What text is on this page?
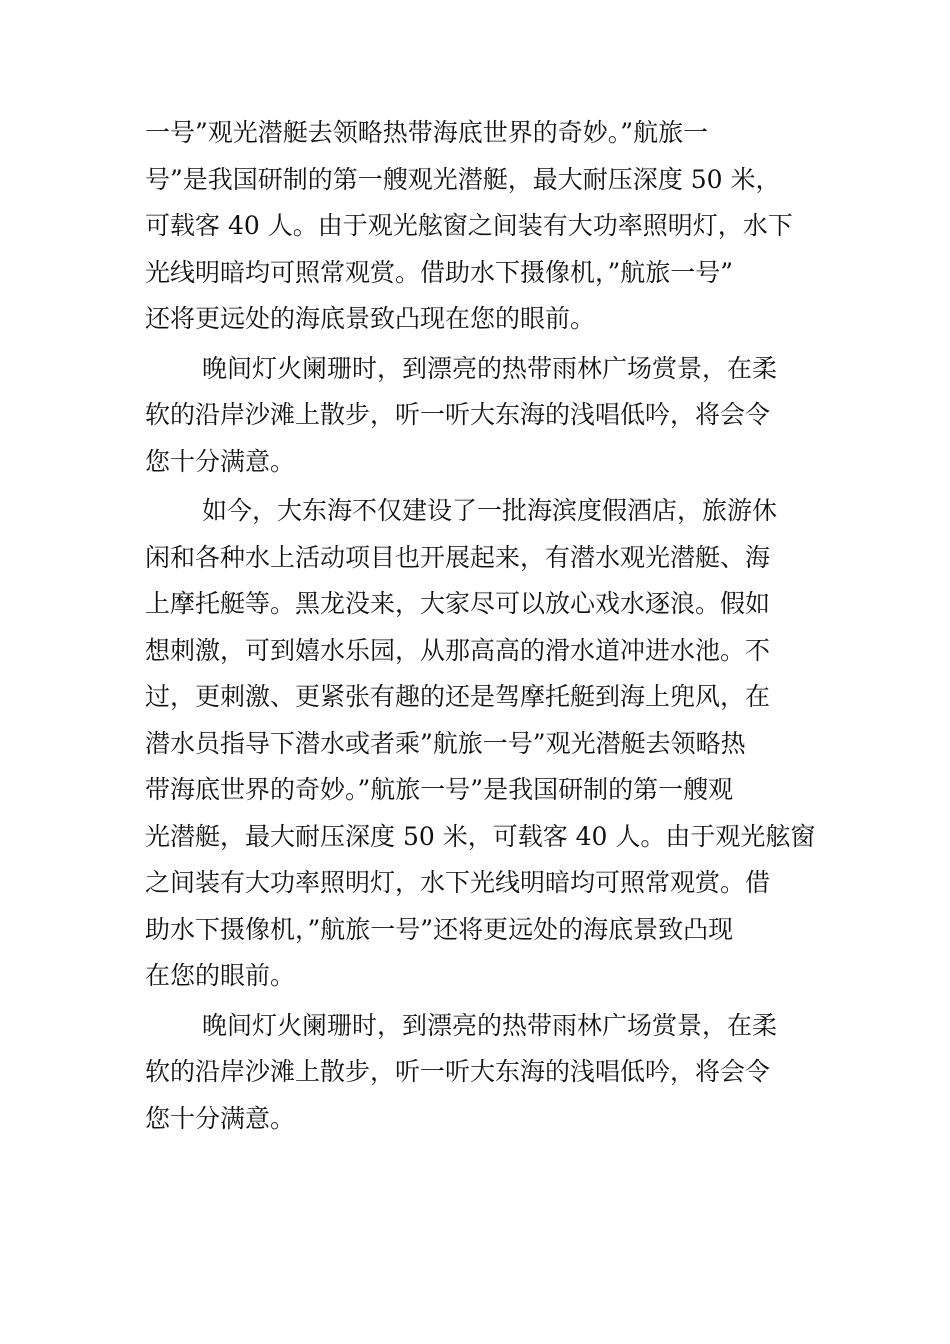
一号”观光潜艇去领略热带海底世界的奇妙。”航旅一
号”是我国研制的第一艘观光潜艇，最大耐压深度 50 米，
可载客 40 人。由于观光舷窗之间装有大功率照明灯，水下
光线明暗均可照常观赏。借助水下摄像机，”航旅一号”
还将更远处的海底景致凸现在您的眼前。
晚间灯火阑珊时，到漂亮的热带雨林广场赏景，在柔
软的沿岸沙滩上散步，听一听大东海的浅唱低吟，将会令
您十分满意。
如今，大东海不仅建设了一批海滨度假酒店，旅游休
闲和各种水上活动项目也开展起来，有潜水观光潜艇、海
上摩托艇等。黑龙没来，大家尽可以放心戏水逐浪。假如
想刺激，可到嬉水乐园，从那高高的滑水道冲进水池。不
过，更刺激、更紧张有趣的还是驾摩托艇到海上兜风，在
潜水员指导下潜水或者乘”航旅一号”观光潜艇去领略热
带海底世界的奇妙。”航旅一号”是我国研制的第一艘观
光潜艇，最大耐压深度 50 米，可载客 40 人。由于观光舷窗
之间装有大功率照明灯，水下光线明暗均可照常观赏。借
助水下摄像机，”航旅一号”还将更远处的海底景致凸现
在您的眼前。
晚间灯火阑珊时，到漂亮的热带雨林广场赏景，在柔
软的沿岸沙滩上散步，听一听大东海的浅唱低吟，将会令
您十分满意。
